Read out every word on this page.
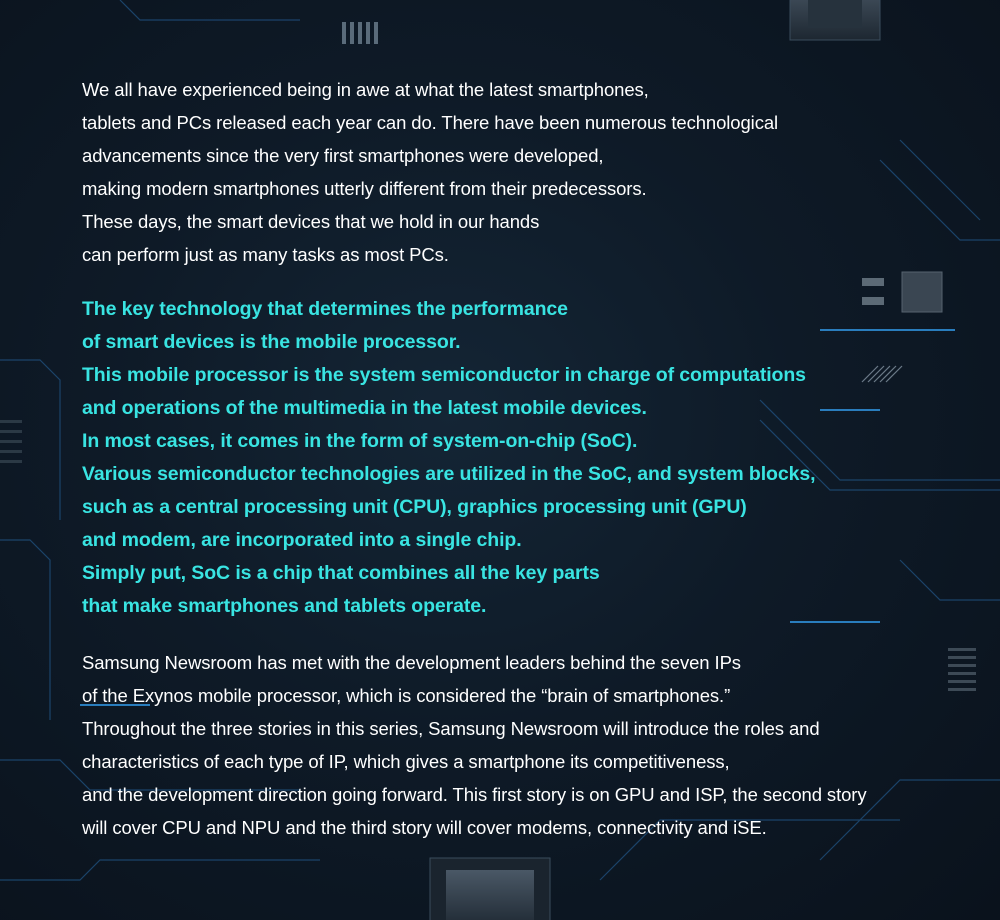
We all have experienced being in awe at what the latest smartphones,
tablets and PCs released each year can do. There have been numerous technological
advancements since the very first smartphones were developed,
making modern smartphones utterly different from their predecessors.
These days, the smart devices that we hold in our hands
can perform just as many tasks as most PCs.

The key technology that determines the performance
of smart devices is the mobile processor.
This mobile processor is the system semiconductor in charge of computations
and operations of the multimedia in the latest mobile devices.
In most cases, it comes in the form of system-on-chip (SoC).
Various semiconductor technologies are utilized in the SoC, and system blocks,
such as a central processing unit (CPU), graphics processing unit (GPU)
and modem, are incorporated into a single chip.
Simply put, SoC is a chip that combines all the key parts
that make smartphones and tablets operate.

Samsung Newsroom has met with the development leaders behind the seven IPs
of the Exynos mobile processor, which is considered the “brain of smartphones.”
Throughout the three stories in this series, Samsung Newsroom will introduce the roles and
characteristics of each type of IP, which gives a smartphone its competitiveness,
and the development direction going forward. This first story is on GPU and ISP, the second story
will cover CPU and NPU and the third story will cover modems, connectivity and iSE.
